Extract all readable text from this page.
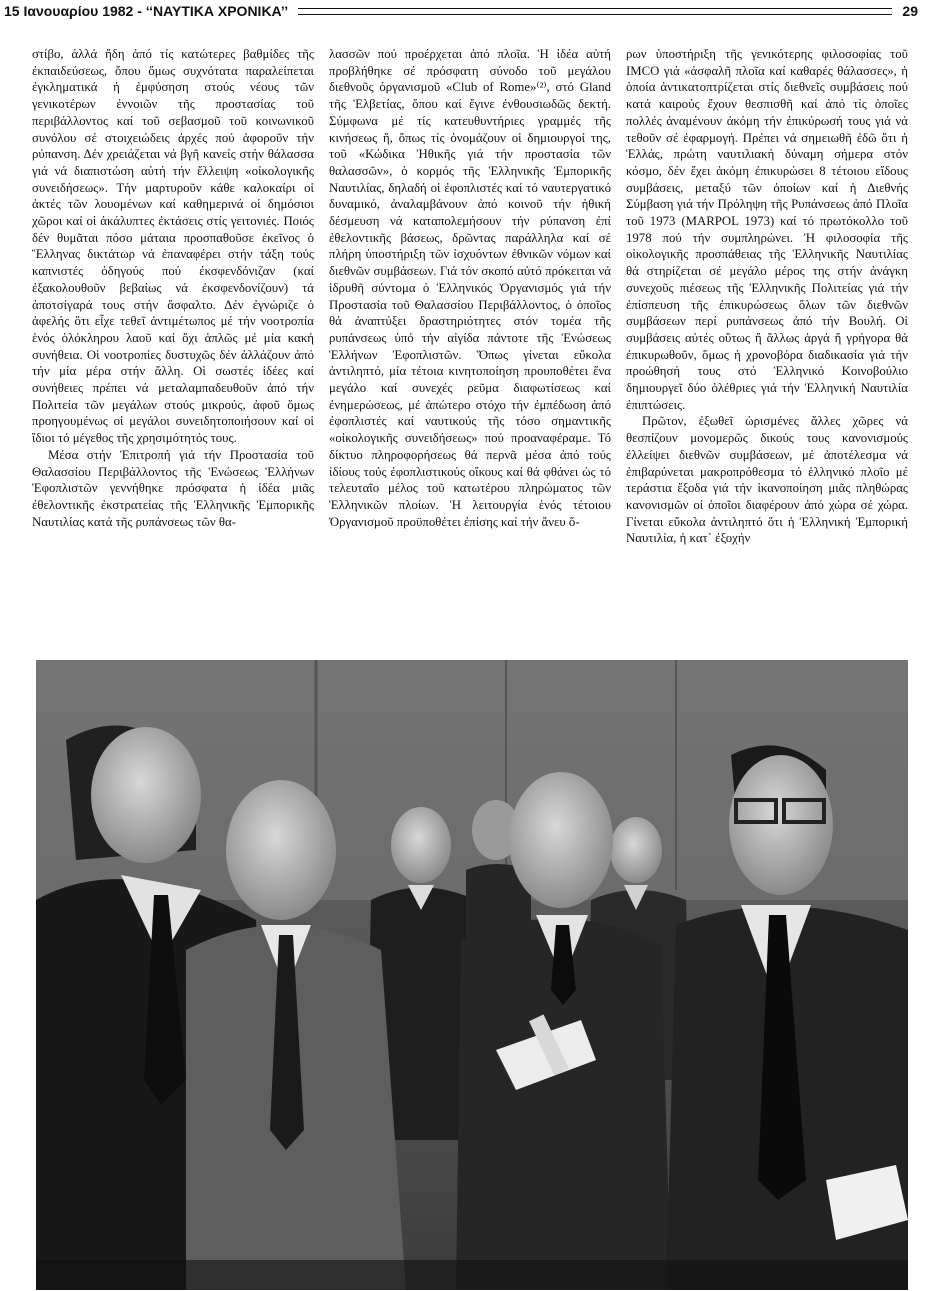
15 Ιανουαρίου 1982 - ‘‘ΝΑΥΤΙΚΑ ΧΡΟΝΙΚΑ’’	29

στίβο, ἀλλά ἤδη ἀπό τίς κατώτερες βαθμίδες τῆς ἐκπαιδεύσεως, ὅπου ὅμως συχνότατα παραλείπεται ἐγκληματικά ἡ ἐμφύσηση στούς νέους τῶν γενικοτέρων ἐννοιῶν τῆς προστασίας τοῦ περιβάλλοντος καί τοῦ σεβασμοῦ τοῦ κοινωνικοῦ συνόλου σέ στοιχειώδεις ἀρχές πού ἀφοροῦν τήν ρύπανση. Δέν χρειάζεται νά βγῆ κανείς στήν θάλασσα γιά νά διαπιστώση αὐτή τήν ἔλλειψη «οἰκολογικῆς συνειδήσεως». Τήν μαρτυροῦν κάθε καλοκαίρι οἱ ἀκτές τῶν λουομένων καί καθημερινά οἱ δημόσιοι χῶροι καί οἱ ἀκάλυπτες ἐκτάσεις στίς γειτονιές. Ποιός δέν θυμᾶται πόσο μάταια προσπαθοῦσε ἐκεῖνος ὁ Ἕλληνας δικτάτωρ νά ἐπαναφέρει στήν τάξη τούς καπνιστές ὁδηγούς πού ἐκσφενδόνιζαν (καί ἐξακολουθοῦν βεβαίως νά ἐκσφενδονίζουν) τά ἀποτσίγαρά τους στήν ἄσφαλτο. Δέν ἐγνώριζε ὁ ἀφελής ὅτι εἶχε τεθεῖ ἀντιμέτωπος μέ τήν νοοτροπία ἑνός ὁλόκληρου λαοῦ καί ὄχι ἁπλῶς μέ μία κακή συνήθεια. Οἱ νοοτροπίες δυστυχῶς δέν ἀλλάζουν ἀπό τήν μία μέρα στήν ἄλλη. Οἱ σωστές ἰδέες καί συνήθειες πρέπει νά μεταλαμπαδευθοῦν ἀπό τήν Πολιτεία τῶν μεγάλων στούς μικρούς, ἀφοῦ ὅμως προηγουμένως οἱ μεγάλοι συνειδητοποιήσουν καί οἱ ἴδιοι τό μέγεθος τῆς χρησιμότητός τους.

Μέσα στήν Ἐπιτροπή γιά τήν Προστασία τοῦ Θαλασσίου Περιβάλλοντος τῆς Ἑνώσεως Ἑλλήνων Ἐφοπλιστῶν γεννήθηκε πρόσφατα ἡ ἰδέα μιᾶς ἐθελοντικῆς ἐκστρατείας τῆς Ἑλληνικῆς Ἐμπορικῆς Ναυτιλίας κατά τῆς ρυπάνσεως τῶν θα-

λασσῶν πού προέρχεται ἀπό πλοῖα. Ἡ ἰδέα αὐτή προβλήθηκε σέ πρόσφατη σύνοδο τοῦ μεγάλου διεθνοῦς ὀργανισμοῦ «Club of Rome»⁽²⁾, στό Gland τῆς Ἑλβετίας, ὅπου καί ἔγινε ἐνθουσιωδῶς δεκτή. Σύμφωνα μέ τίς κατευθυντήριες γραμμές τῆς κινήσεως ἤ, ὅπως τίς ὀνομάζουν οἱ δημιουργοί της, τοῦ «Κώδικα Ἠθικῆς γιά τήν προστασία τῶν θαλασσῶν», ὁ κορμός τῆς Ἑλληνικῆς Ἐμπορικῆς Ναυτιλίας, δηλαδή οἱ ἐφοπλιστές καί τό ναυτεργατικό δυναμικό, ἀναλαμβάνουν ἀπό κοινοῦ τήν ἠθική δέσμευση νά καταπολεμήσουν τήν ρύπανση ἐπί ἐθελοντικῆς βάσεως, δρῶντας παράλληλα καί σέ πλήρη ὑποστήριξη τῶν ἰσχυόντων ἐθνικῶν νόμων καί διεθνῶν συμβάσεων. Γιά τόν σκοπό αὐτό πρόκειται νά ἱδρυθῆ σύντομα ὁ Ἑλληνικός Ὀργανισμός γιά τήν Προστασία τοῦ Θαλασσίου Περιβάλλοντος, ὁ ὁποῖος θά ἀναπτύξει δραστηριότητες στόν τομέα τῆς ρυπάνσεως ὑπό τήν αἰγίδα πάντοτε τῆς Ἑνώσεως Ἑλλήνων Ἐφοπλιστῶν. Ὅπως γίνεται εὔκολα ἀντιληπτό, μία τέτοια κινητοποίηση προυποθέτει ἕνα μεγάλο καί συνεχές ρεῦμα διαφωτίσεως καί ἐνημερώσεως, μέ ἀπώτερο στόχο τήν ἐμπέδωση ἀπό ἐφοπλιστές καί ναυτικούς τῆς τόσο σημαντικῆς «οἰκολογικῆς συνειδήσεως» πού προαναφέραμε. Τό δίκτυο πληροφορήσεως θά περνᾶ μέσα ἀπό τούς ἰδίους τούς ἐφοπλιστικούς οἴκους καί θά φθάνει ὡς τό τελευταῖο μέλος τοῦ κατωτέρου πληρώματος τῶν Ἑλληνικῶν πλοίων. Ἡ λειτουργία ἑνός τέτοιου Ὀργανισμοῦ προϋποθέτει ἐπίσης καί τήν ἄνευ ὅ-

ρων ὑποστήριξη τῆς γενικότερης φιλοσοφίας τοῦ IMCO γιά «ἀσφαλῆ πλοῖα καί καθαρές θάλασσες», ἡ ὁποία ἀντικατοπτρίζεται στίς διεθνεῖς συμβάσεις πού κατά καιρούς ἔχουν θεσπισθῆ καί ἀπό τίς ὁποῖες πολλές ἀναμένουν ἀκόμη τήν ἐπικύρωσή τους γιά νά τεθοῦν σέ ἐφαρμογή. Πρέπει νά σημειωθῆ ἐδῶ ὅτι ἡ Ἑλλάς, πρώτη ναυτιλιακή δύναμη σήμερα στόν κόσμο, δέν ἔχει ἀκόμη ἐπικυρώσει 8 τέτοιου εἴδους συμβάσεις, μεταξύ τῶν ὁποίων καί ἡ Διεθνής Σύμβαση γιά τήν Πρόληψη τῆς Ρυπάνσεως ἀπό Πλοῖα τοῦ 1973 (MARPOL 1973) καί τό πρωτόκολλο τοῦ 1978 πού τήν συμπληρώνει. Ἡ φιλοσοφία τῆς οἰκολογικῆς προσπάθειας τῆς Ἑλληνικῆς Ναυτιλίας θά στηρίζεται σέ μεγάλο μέρος της στήν ἀνάγκη συνεχοῦς πιέσεως τῆς Ἑλληνικῆς Πολιτείας γιά τήν ἐπίσπευση τῆς ἐπικυρώσεως ὅλων τῶν διεθνῶν συμβάσεων περί ρυπάνσεως ἀπό τήν Βουλή. Οἱ συμβάσεις αὐτές οὕτως ἤ ἄλλως ἀργά ἤ γρήγορα θά ἐπικυρωθοῦν, ὅμως ἡ χρονοβόρα διαδικασία γιά τήν προώθησή τους στό Ἑλληνικό Κοινοβούλιο δημιουργεῖ δύο ὀλέθριες γιά τήν Ἑλληνική Ναυτιλία ἐπιπτώσεις.

Πρῶτον, ἐξωθεῖ ὡρισμένες ἄλλες χῶρες νά θεσπίζουν μονομερῶς δικούς τους κανονισμούς ἐλλείψει διεθνῶν συμβάσεων, μέ ἀποτέλεσμα νά ἐπιβαρύνεται μακροπρόθεσμα τό ἑλληνικό πλοῖο μέ τεράστια ἔξοδα γιά τήν ἱκανοποίηση μιᾶς πληθώρας κανονισμῶν οἱ ὁποῖοι διαφέρουν ἀπό χώρα σέ χώρα. Γίνεται εὔκολα ἀντιληπτό ὅτι ἡ Ἑλληνική Ἐμπορική Ναυτιλία, ἡ κατ᾽ ἐξοχήν
